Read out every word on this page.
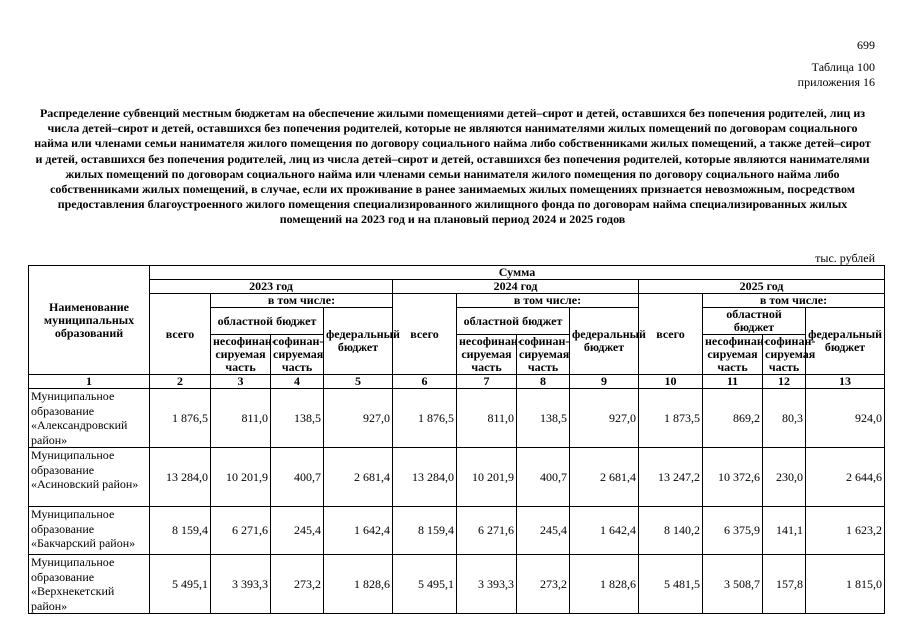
699
Таблица 100
приложения 16
Распределение субвенций местным бюджетам на обеспечение жилыми помещениями детей–сирот и детей, оставшихся без попечения родителей, лиц из числа детей–сирот и детей, оставшихся без попечения родителей, которые не являются нанимателями жилых помещений по договорам социального найма или членами семьи нанимателя жилого помещения по договору социального найма либо собственниками жилых помещений, а также детей–сирот и детей, оставшихся без попечения родителей, лиц из числа детей–сирот и детей, оставшихся без попечения родителей, которые являются нанимателями жилых помещений по договорам социального найма или членами семьи нанимателя жилого помещения по договору социального найма либо собственниками жилых помещений, в случае, если их проживание в ранее занимаемых жилых помещениях признается невозможным, посредством предоставления благоустроенного жилого помещения специализированного жилищного фонда по договорам найма специализированных жилых помещений на 2023 год и на плановый период 2024 и 2025 годов
тыс. рублей
Наименование муниципальных образований	Сумма											
	2023 год				2024 год				2025 год			
	всего	в том числе:			всего	в том числе:			всего	в том числе:		
		областной бюджет		федеральный бюджет		областной бюджет		федеральный бюджет		областной бюджет		федеральный бюджет
		несофинан-сируемая часть	софинан-сируемая часть			несофинан-сируемая часть	софинан-сируемая часть			несофинан-сируемая часть	софинан-сируемая часть	
1	2	3	4	5	6	7	8	9	10	11	12	13
Муниципальное образование «Александровский район»	1 876,5	811,0	138,5	927,0	1 876,5	811,0	138,5	927,0	1 873,5	869,2	80,3	924,0
Муниципальное образование «Асиновский район»	13 284,0	10 201,9	400,7	2 681,4	13 284,0	10 201,9	400,7	2 681,4	13 247,2	10 372,6	230,0	2 644,6
Муниципальное образование «Бакчарский район»	8 159,4	6 271,6	245,4	1 642,4	8 159,4	6 271,6	245,4	1 642,4	8 140,2	6 375,9	141,1	1 623,2
Муниципальное образование «Верхнекетский район»	5 495,1	3 393,3	273,2	1 828,6	5 495,1	3 393,3	273,2	1 828,6	5 481,5	3 508,7	157,8	1 815,0
